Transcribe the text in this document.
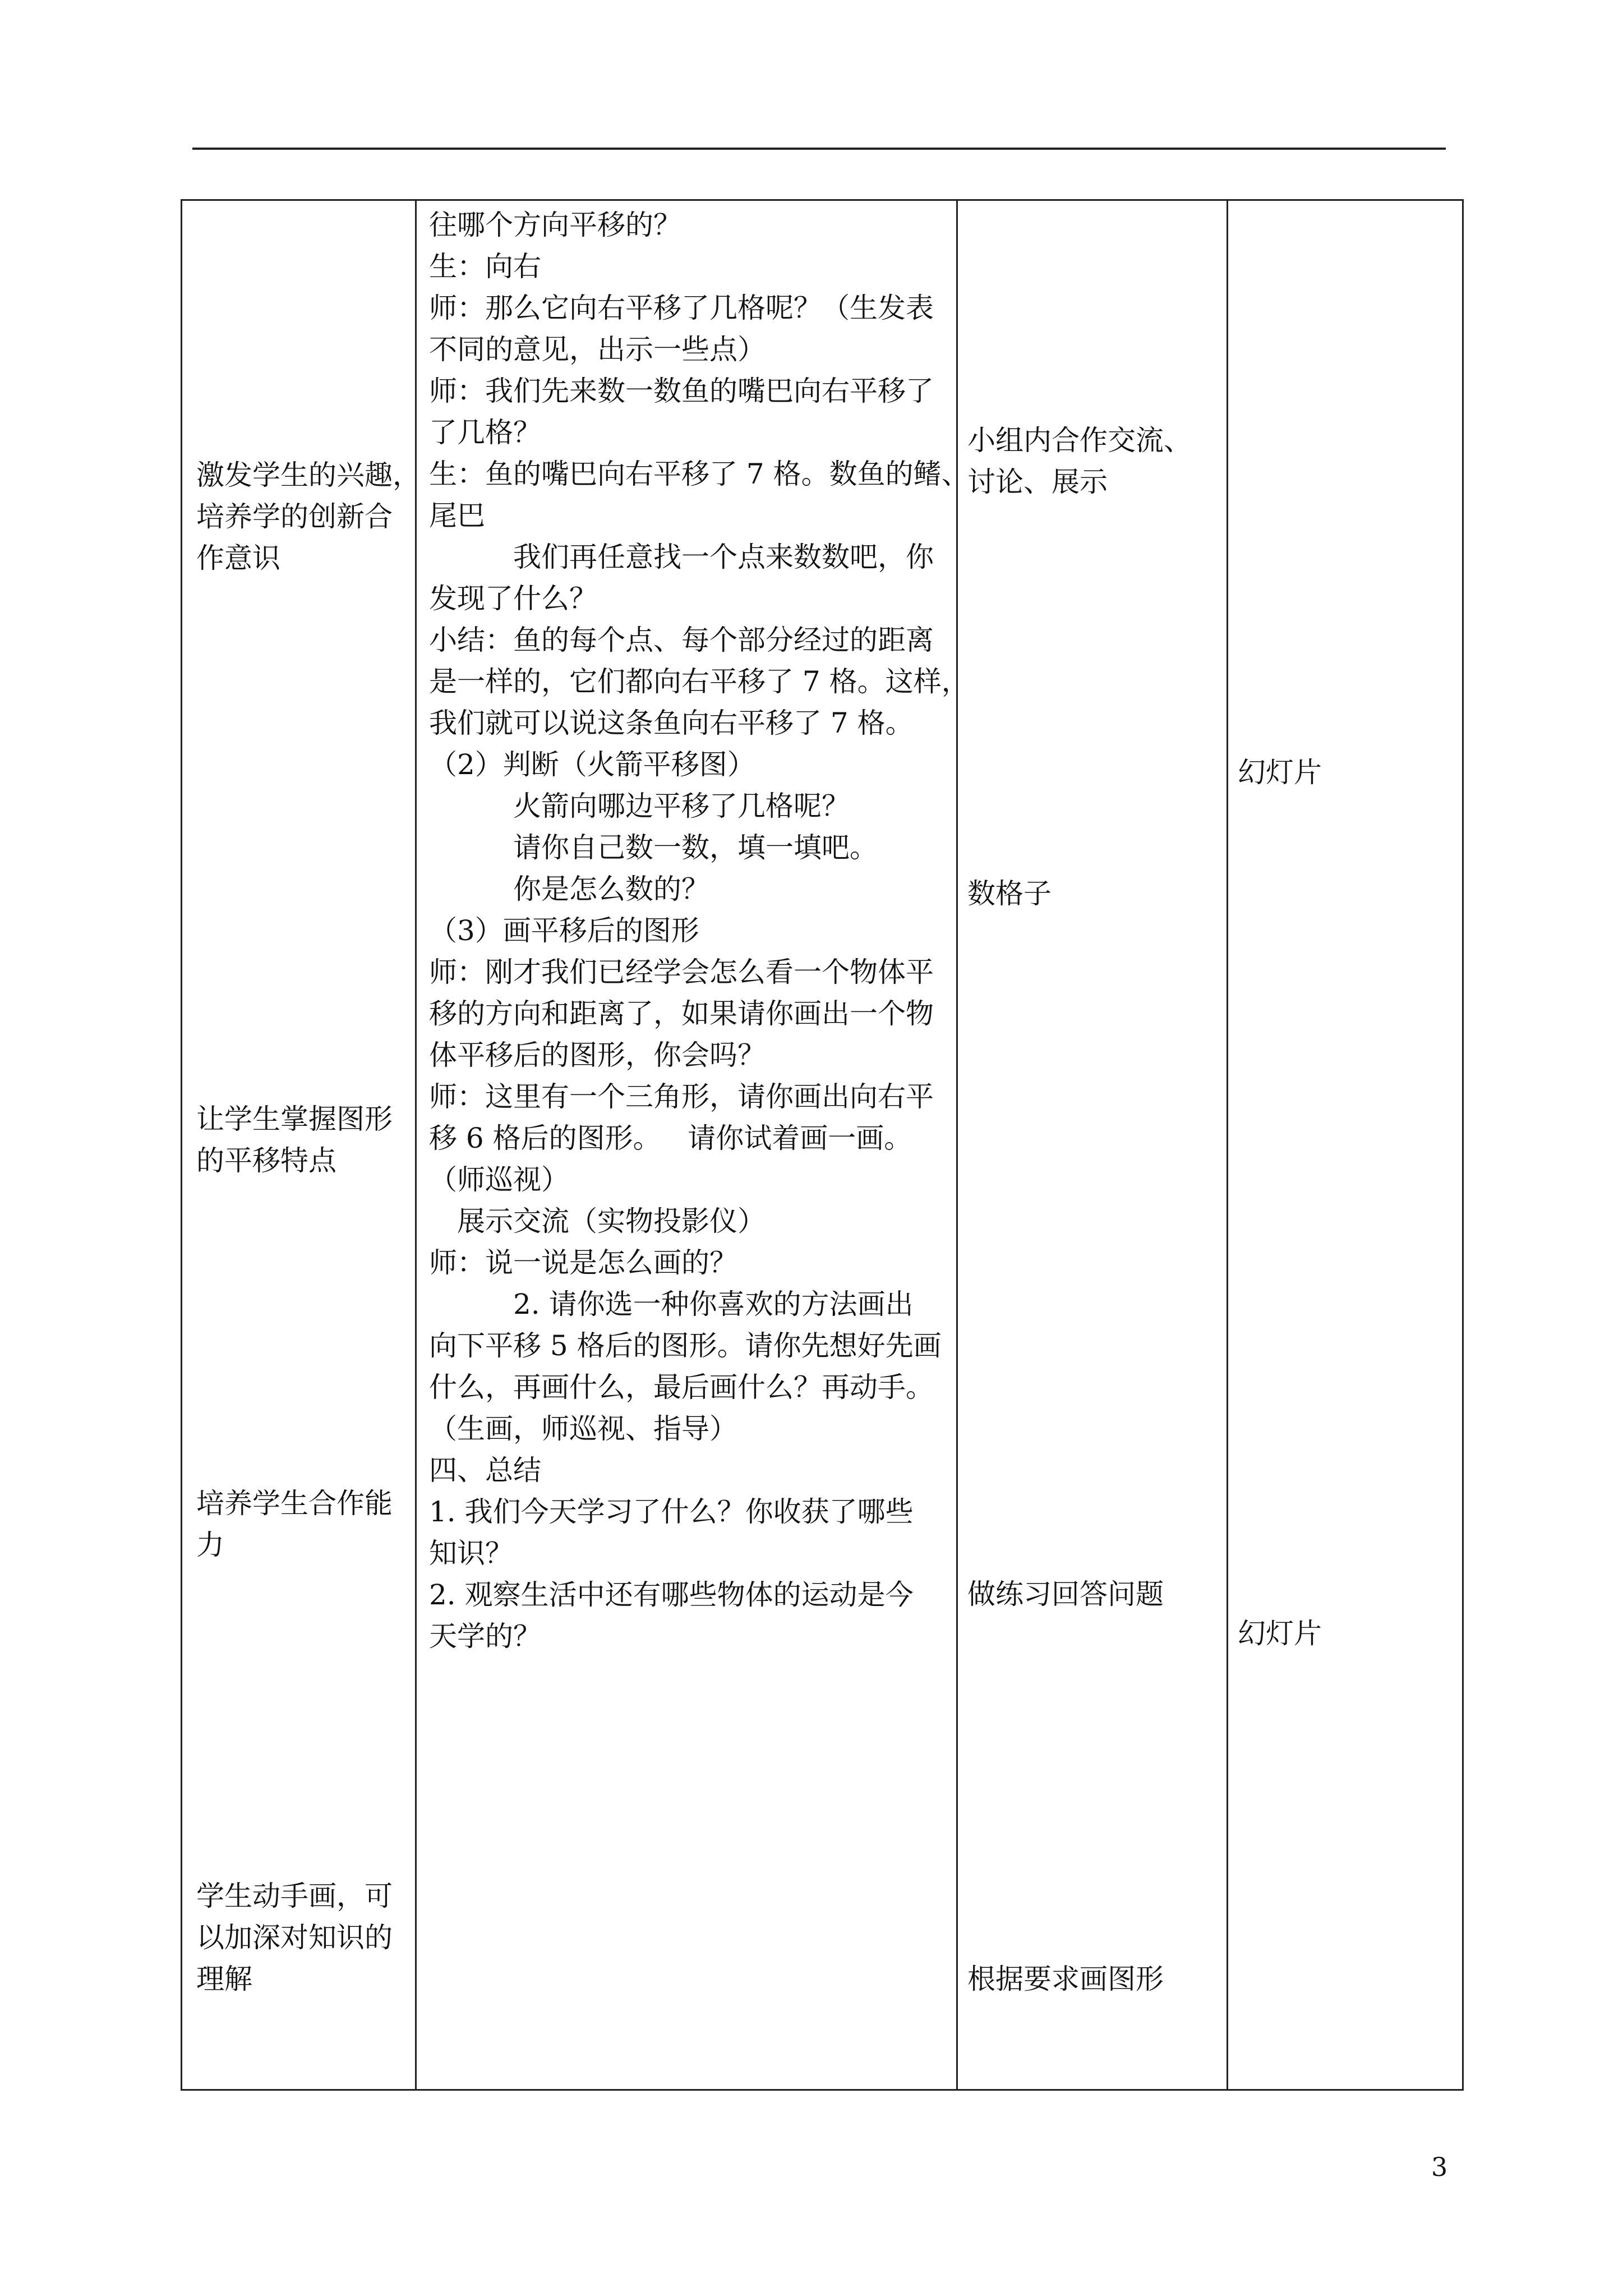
激发学生的兴趣，
培养学的创新合
作意识
让学生掌握图形
的平移特点
培养学生合作能
力
学生动手画，可
以加深对知识的
理解
往哪个方向平移的？
生：向右
师：那么它向右平移了几格呢？（生发表
不同的意见，出示一些点）
师：我们先来数一数鱼的嘴巴向右平移了
了几格？
生：鱼的嘴巴向右平移了 7 格。数鱼的鳍、
尾巴
我们再任意找一个点来数数吧，你
发现了什么？
小结：鱼的每个点、每个部分经过的距离
是一样的，它们都向右平移了 7 格。这样，
我们就可以说这条鱼向右平移了 7 格。
（2）判断（火箭平移图）
火箭向哪边平移了几格呢？
请你自己数一数，填一填吧。
你是怎么数的？
（3）画平移后的图形
师：刚才我们已经学会怎么看一个物体平
移的方向和距离了，如果请你画出一个物
体平移后的图形，你会吗？
师：这里有一个三角形，请你画出向右平
移 6 格后的图形。   请你试着画一画。
（师巡视）
展示交流（实物投影仪）
师：说一说是怎么画的？
2. 请你选一种你喜欢的方法画出
向下平移 5 格后的图形。请你先想好先画
什么，再画什么，最后画什么？再动手。
（生画，师巡视、指导）
四、总结
1. 我们今天学习了什么？你收获了哪些
知识？
2. 观察生活中还有哪些物体的运动是今
天学的？
小组内合作交流、
讨论、展示
数格子
做练习回答问题
根据要求画图形
幻灯片
幻灯片
3
